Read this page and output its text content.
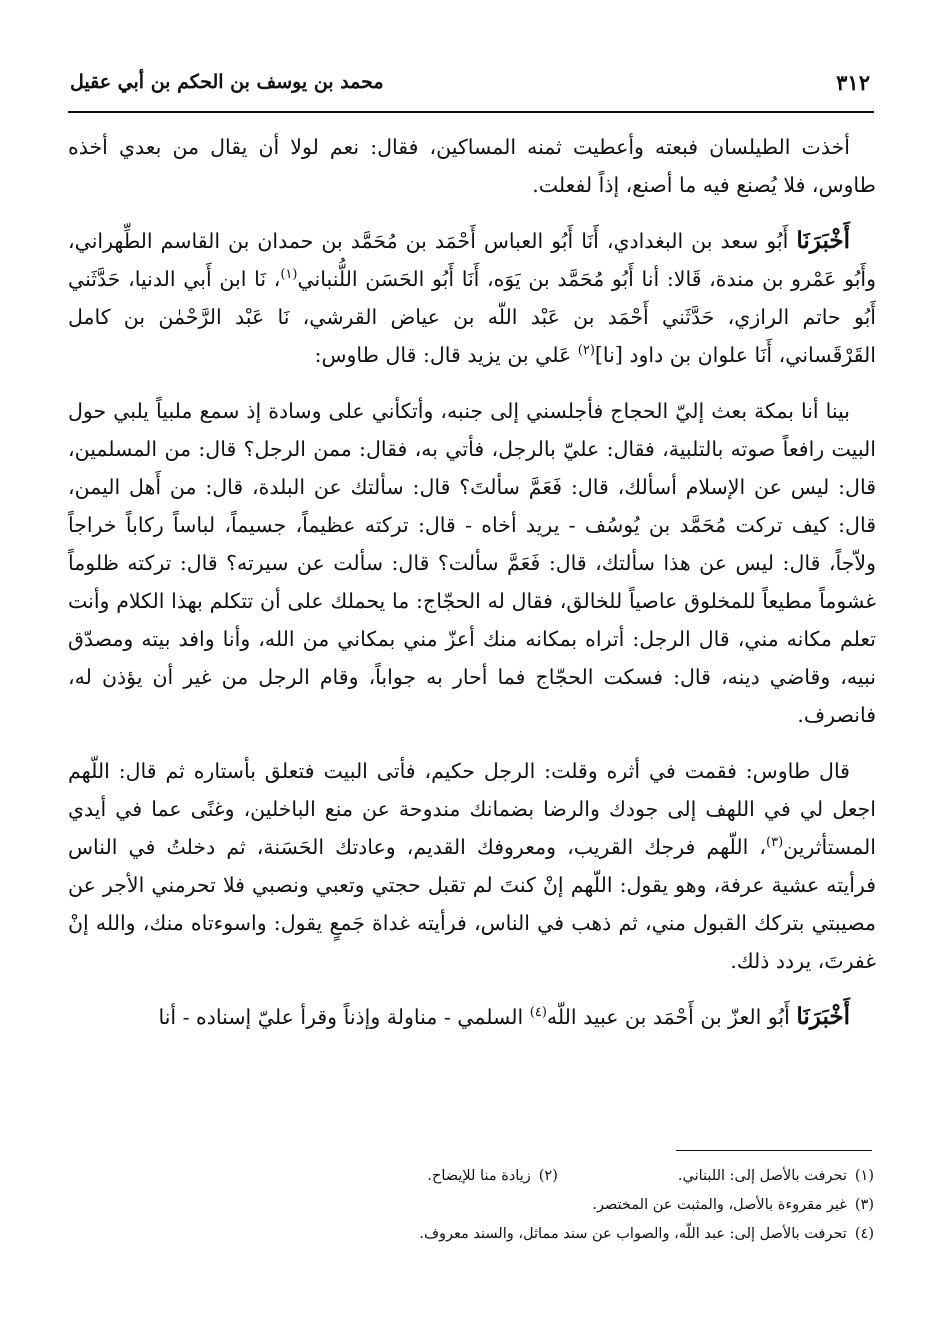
٣١٢
محمد بن يوسف بن الحكم بن أبي عقيل

أخذت الطيلسان فبعته وأعطيت ثمنه المساكين، فقال: نعم لولا أن يقال من بعدي أخذه طاوس، فلا يُصنع فيه ما أصنع، إذاً لفعلت.

أَخْبَرَنَا أَبُو سعد بن البغدادي، أَنَا أَبُو العباس أَحْمَد بن مُحَمَّد بن حمدان بن القاسم الطِّهراني، وأَبُو عَمْرو بن مندة، قَالا: أنا أَبُو مُحَمَّد بن يَوَه، أَنَا أَبُو الحَسَن اللُّنباني$^{(١)}$، نَا ابن أَبي الدنيا، حَدَّثَني أَبُو حاتم الرازي، حَدَّثَني أَحْمَد بن عَبْد اللّه بن عياض القرشي، نَا عَبْد الرَّحْمٰن بن كامل القَرْقَساني، أَنَا علوان بن داود [نا]$^{(٢)}$ عَلي بن يزيد قال: قال طاوس:

بينا أنا بمكة بعث إليّ الحجاج فأجلسني إلى جنبه، وأتكأني على وسادة إذ سمع ملبياً يلبي حول البيت رافعاً صوته بالتلبية، فقال: عليّ بالرجل، فأتي به، فقال: ممن الرجل؟ قال: من المسلمين، قال: ليس عن الإسلام أسألك، قال: فَعَمَّ سألتَ؟ قال: سألتك عن البلدة، قال: من أَهل اليمن، قال: كيف تركت مُحَمَّد بن يُوسُف - يريد أخاه - قال: تركته عظيماً، جسيماً، لباساً ركاباً خراجاً ولاّجاً، قال: ليس عن هذا سألتك، قال: فَعَمَّ سألت؟ قال: سألت عن سيرته؟ قال: تركته ظلوماً غشوماً مطيعاً للمخلوق عاصياً للخالق، فقال له الحجّاج: ما يحملك على أن تتكلم بهذا الكلام وأنت تعلم مكانه مني، قال الرجل: أتراه بمكانه منك أعزّ مني بمكاني من الله، وأنا وافد بيته ومصدّق نبيه، وقاضي دينه، قال: فسكت الحجّاج فما أحار به جواباً، وقام الرجل من غير أن يؤذن له، فانصرف.

قال طاوس: فقمت في أثره وقلت: الرجل حكيم، فأتى البيت فتعلق بأستاره ثم قال: اللّهم اجعل لي في اللهف إلى جودك والرضا بضمانك مندوحة عن منع الباخلين، وغنًى عما في أيدي المستأثرين$^{(٣)}$، اللّهم فرجك القريب، ومعروفك القديم، وعادتك الحَسَنة، ثم دخلتُ في الناس فرأيته عشية عرفة، وهو يقول: اللّهم إنْ كنتَ لم تقبل حجتي وتعبي ونصبي فلا تحرمني الأجر عن مصيبتي بتركك القبول مني، ثم ذهب في الناس، فرأيته غداة جَمعٍ يقول: واسوءتاه منك، والله إنْ غفرتَ، يردد ذلك.

أَخْبَرَنَا أَبُو العزّ بن أَحْمَد بن عبيد اللّه$^{(٤)}$ السلمي - مناولة وإذناً وقرأ عليّ إسناده - أنا

(١)تحرفت بالأصل إلى: اللبناني.
(٢)زيادة منا للإيضاح.
(٣)غير مقروءة بالأصل، والمثبت عن المختصر.
(٤)تحرفت بالأصل إلى: عبد اللّه، والصواب عن سند مماثل، والسند معروف.
